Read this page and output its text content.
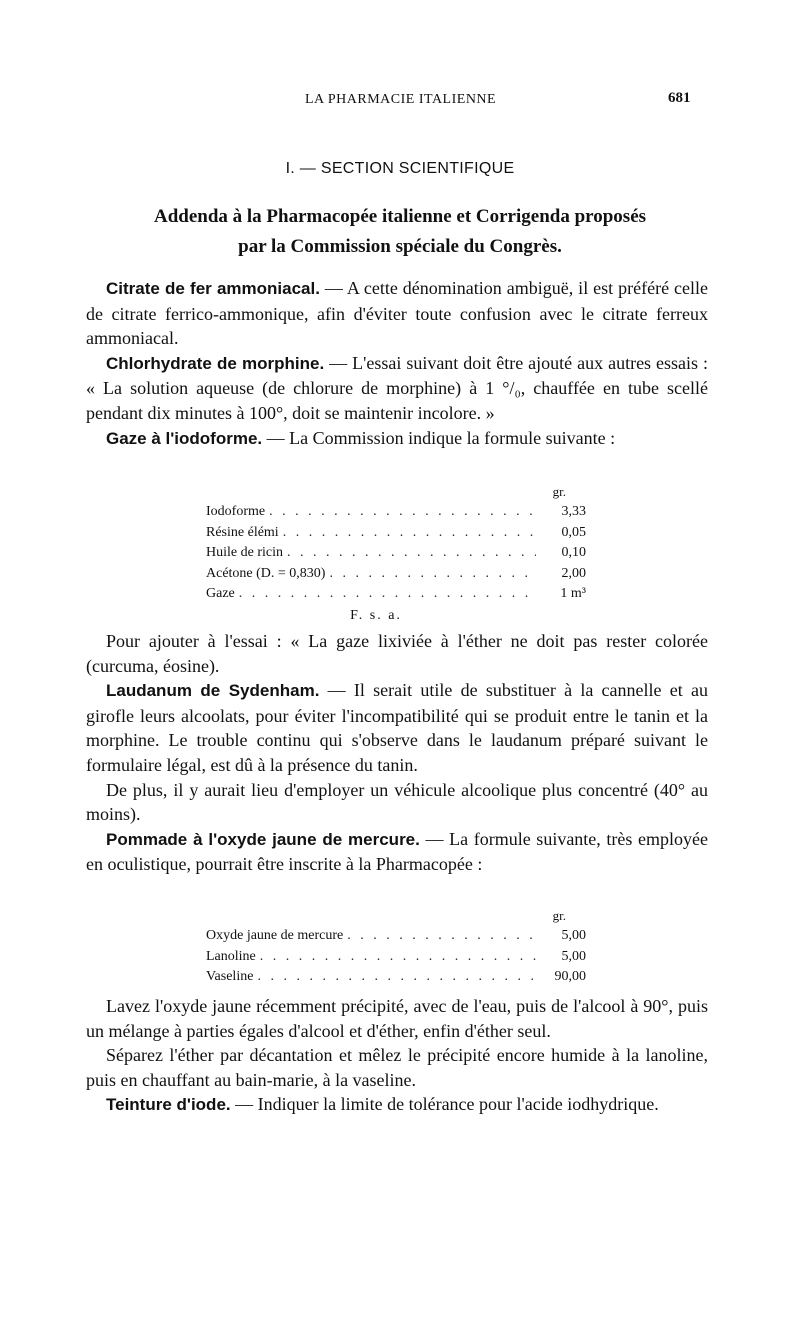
LA PHARMACIE ITALIENNE	681
I. — SECTION SCIENTIFIQUE
Addenda à la Pharmacopée italienne et Corrigenda proposés
par la Commission spéciale du Congrès.

Citrate de fer ammoniacal. — A cette dénomination ambiguë, il est préféré celle de citrate ferrico-ammonique, afin d'éviter toute confusion avec le citrate ferreux ammoniacal.

Chlorhydrate de morphine. — L'essai suivant doit être ajouté aux autres essais : « La solution aqueuse (de chlorure de morphine) à 1 °/₀, chauffée en tube scellé pendant dix minutes à 100°, doit se maintenir incolore. »

Gaze à l'iodoforme. — La Commission indique la formule suivante :

gr.
Iodoforme . . .	3,33
Résine élémi . . .	0,05
Huile de ricin . . .	0,10
Acétone (D. = 0,830) . . .	2,00
Gaze . . .	1 m³
F. s. a.

Pour ajouter à l'essai : « La gaze lixiviée à l'éther ne doit pas rester colorée (curcuma, éosine).

Laudanum de Sydenham. — Il serait utile de substituer à la cannelle et au girofle leurs alcoolats, pour éviter l'incompatibilité qui se produit entre le tanin et la morphine. Le trouble continu qui s'observe dans le laudanum préparé suivant le formulaire légal, est dû à la présence du tanin.

De plus, il y aurait lieu d'employer un véhicule alcoolique plus concentré (40° au moins).

Pommade à l'oxyde jaune de mercure. — La formule suivante, très employée en oculistique, pourrait être inscrite à la Pharmacopée :

gr.
Oxyde jaune de mercure . . .	5,00
Lanoline . . .	5,00
Vaseline . . .	90,00

Lavez l'oxyde jaune récemment précipité, avec de l'eau, puis de l'alcool à 90°, puis un mélange à parties égales d'alcool et d'éther, enfin d'éther seul.

Séparez l'éther par décantation et mêlez le précipité encore humide à la lanoline, puis en chauffant au bain-marie, à la vaseline.

Teinture d'iode. — Indiquer la limite de tolérance pour l'acide iodhydrique.
